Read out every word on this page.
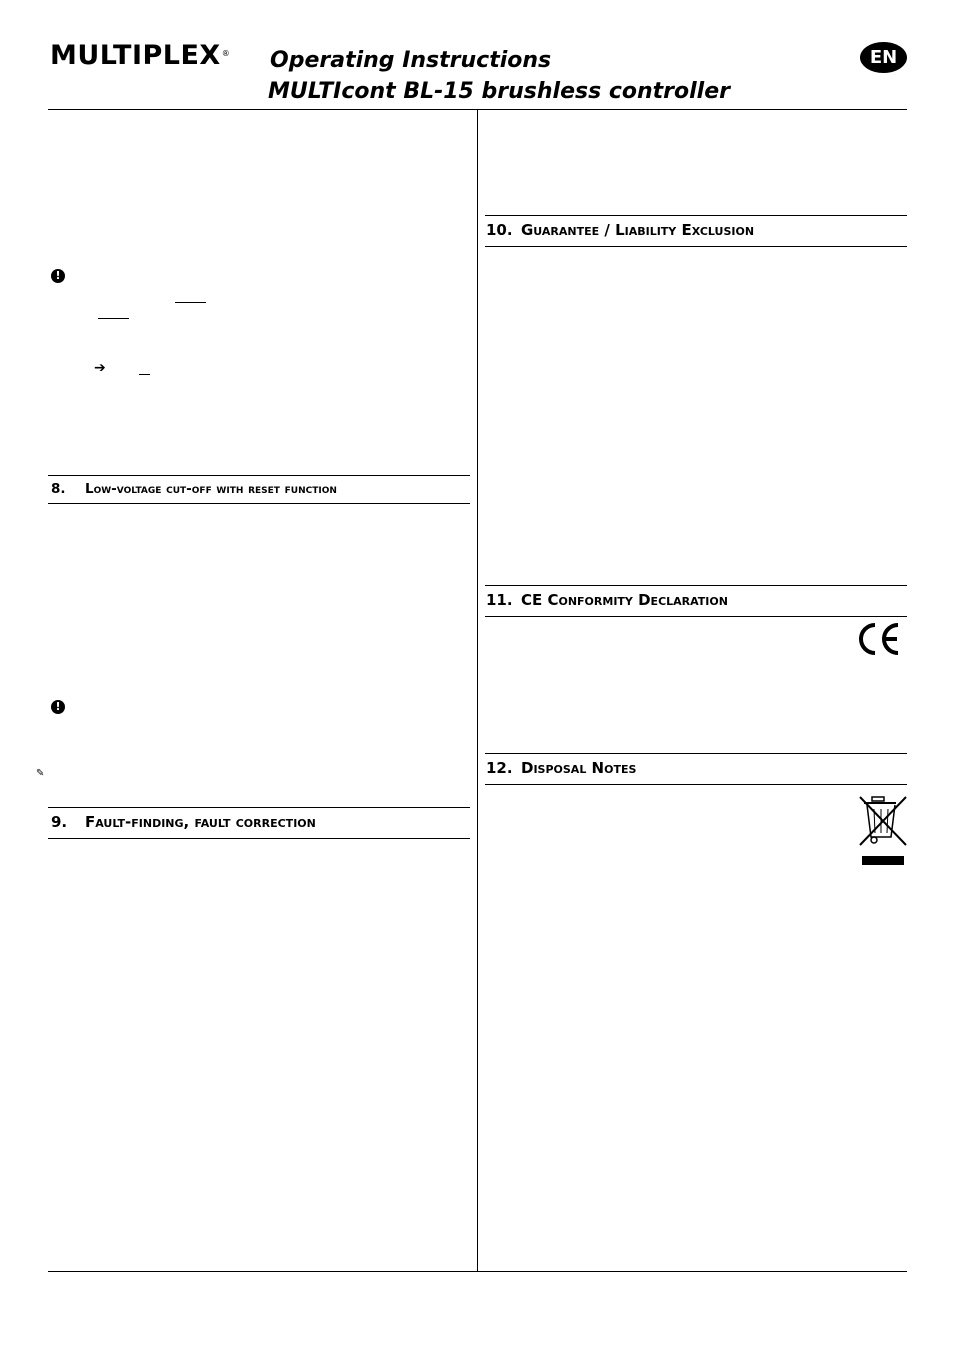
MULTIPLEX® Operating Instructions
MULTIcont BL-15 brushless controller
EN
!
➔
8. Low-voltage cut-off with reset function
!
✎
9. Fault-finding, fault correction
10. Guarantee / Liability Exclusion
11. CE Conformity Declaration
12. Disposal Notes
